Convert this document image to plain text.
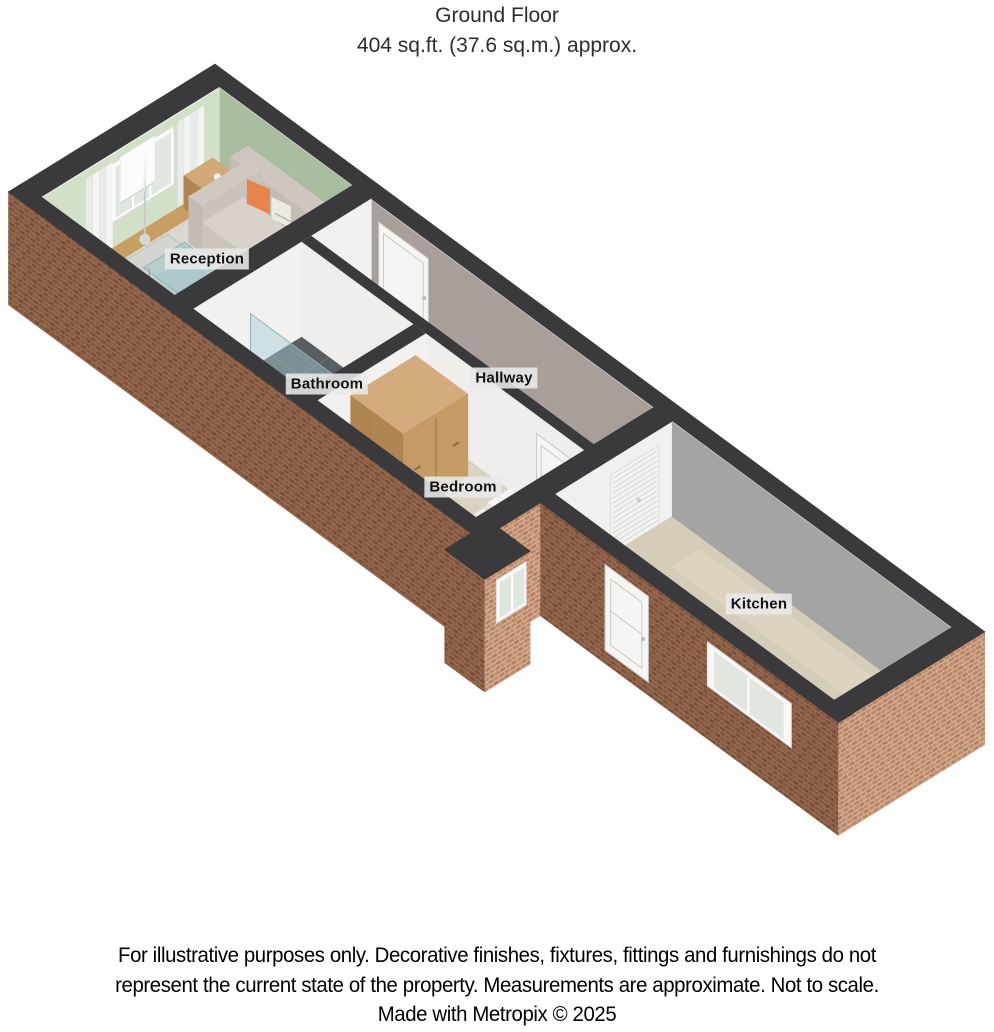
Ground Floor
404 sq.ft. (37.6 sq.m.) approx.
Reception
Bathroom	Hallway
Bedroom
Kitchen
For illustrative purposes only. Decorative finishes, fixtures, fittings and furnishings do not
represent the current state of the property. Measurements are approximate. Not to scale.
Made with Metropix © 2025
